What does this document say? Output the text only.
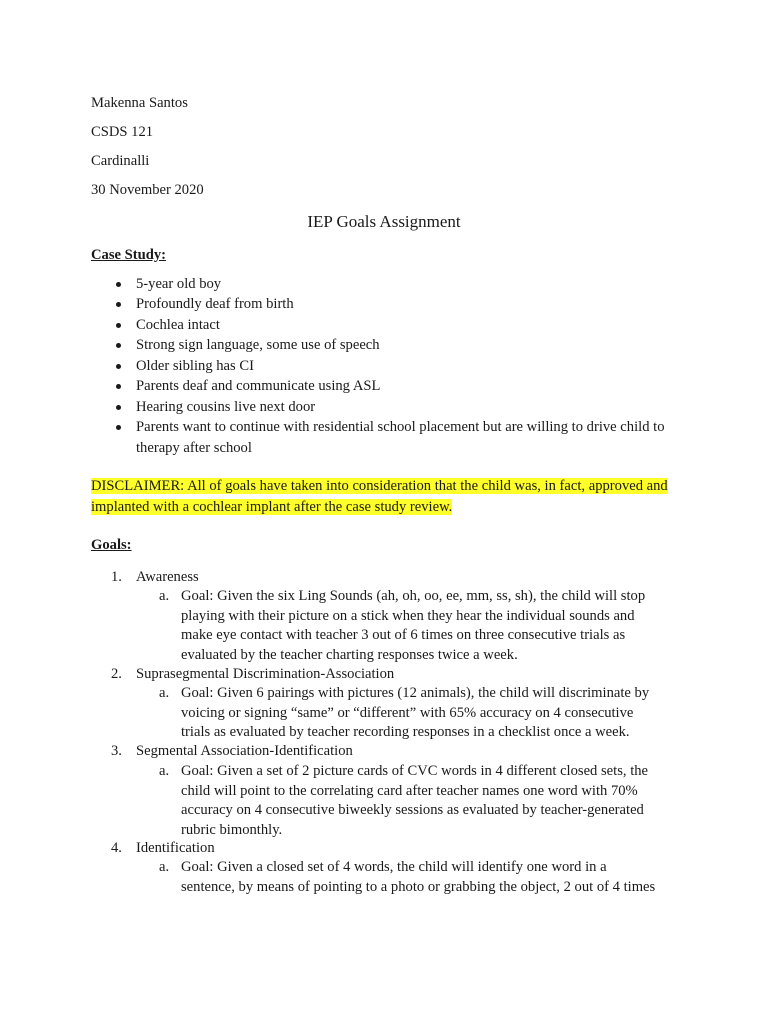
Makenna Santos
CSDS 121
Cardinalli
30 November 2020
IEP Goals Assignment
Case Study:
5-year old boy
Profoundly deaf from birth
Cochlea intact
Strong sign language, some use of speech
Older sibling has CI
Parents deaf and communicate using ASL
Hearing cousins live next door
Parents want to continue with residential school placement but are willing to drive child to therapy after school
DISCLAIMER: All of goals have taken into consideration that the child was, in fact, approved and implanted with a cochlear implant after the case study review.
Goals:
1. Awareness
a. Goal: Given the six Ling Sounds (ah, oh, oo, ee, mm, ss, sh), the child will stop playing with their picture on a stick when they hear the individual sounds and make eye contact with teacher 3 out of 6 times on three consecutive trials as evaluated by the teacher charting responses twice a week.
2. Suprasegmental Discrimination-Association
a. Goal: Given 6 pairings with pictures (12 animals), the child will discriminate by voicing or signing “same” or “different” with 65% accuracy on 4 consecutive trials as evaluated by teacher recording responses in a checklist once a week.
3. Segmental Association-Identification
a. Goal: Given a set of 2 picture cards of CVC words in 4 different closed sets, the child will point to the correlating card after teacher names one word with 70% accuracy on 4 consecutive biweekly sessions as evaluated by teacher-generated rubric bimonthly.
4. Identification
a. Goal: Given a closed set of 4 words, the child will identify one word in a sentence, by means of pointing to a photo or grabbing the object, 2 out of 4 times
